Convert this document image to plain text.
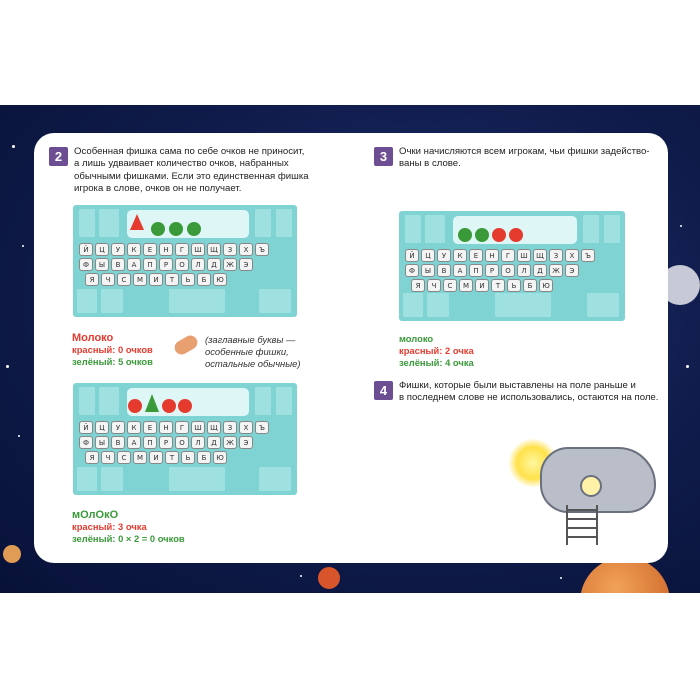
2	Особенная фишка сама по себе очков не приносит,
а лишь удваивает количество очков, набранных
обычными фишками. Если это единственная фишка
игрока в слове, очков он не получает.
Й	Ц	У	К	Е	Н	Г	Ш	Щ	З	Х	Ъ
Ф	Ы	В	А	П	Р	О	Л	Д	Ж	Э
Я	Ч	С	М	И	Т	Ь	Б	Ю
Молоко
красный: 0 очков
зелёный: 5 очков
(заглавные буквы —
особенные фишки,
остальные обычные)
Й	Ц	У	К	Е	Н	Г	Ш	Щ	З	Х	Ъ
Ф	Ы	В	А	П	Р	О	Л	Д	Ж	Э
Я	Ч	С	М	И	Т	Ь	Б	Ю
мОлОкО
красный: 3 очка
зелёный: 0 × 2 = 0 очков
3	Очки начисляются всем игрокам, чьи фишки задейство-
ваны в слове.
Й	Ц	У	К	Е	Н	Г	Ш	Щ	З	Х	Ъ
Ф	Ы	В	А	П	Р	О	Л	Д	Ж	Э
Я	Ч	С	М	И	Т	Ь	Б	Ю
молоко
красный: 2 очка
зелёный: 4 очка
4	Фишки, которые были выставлены на поле раньше и
в последнем слове не использовались, остаются на поле.
